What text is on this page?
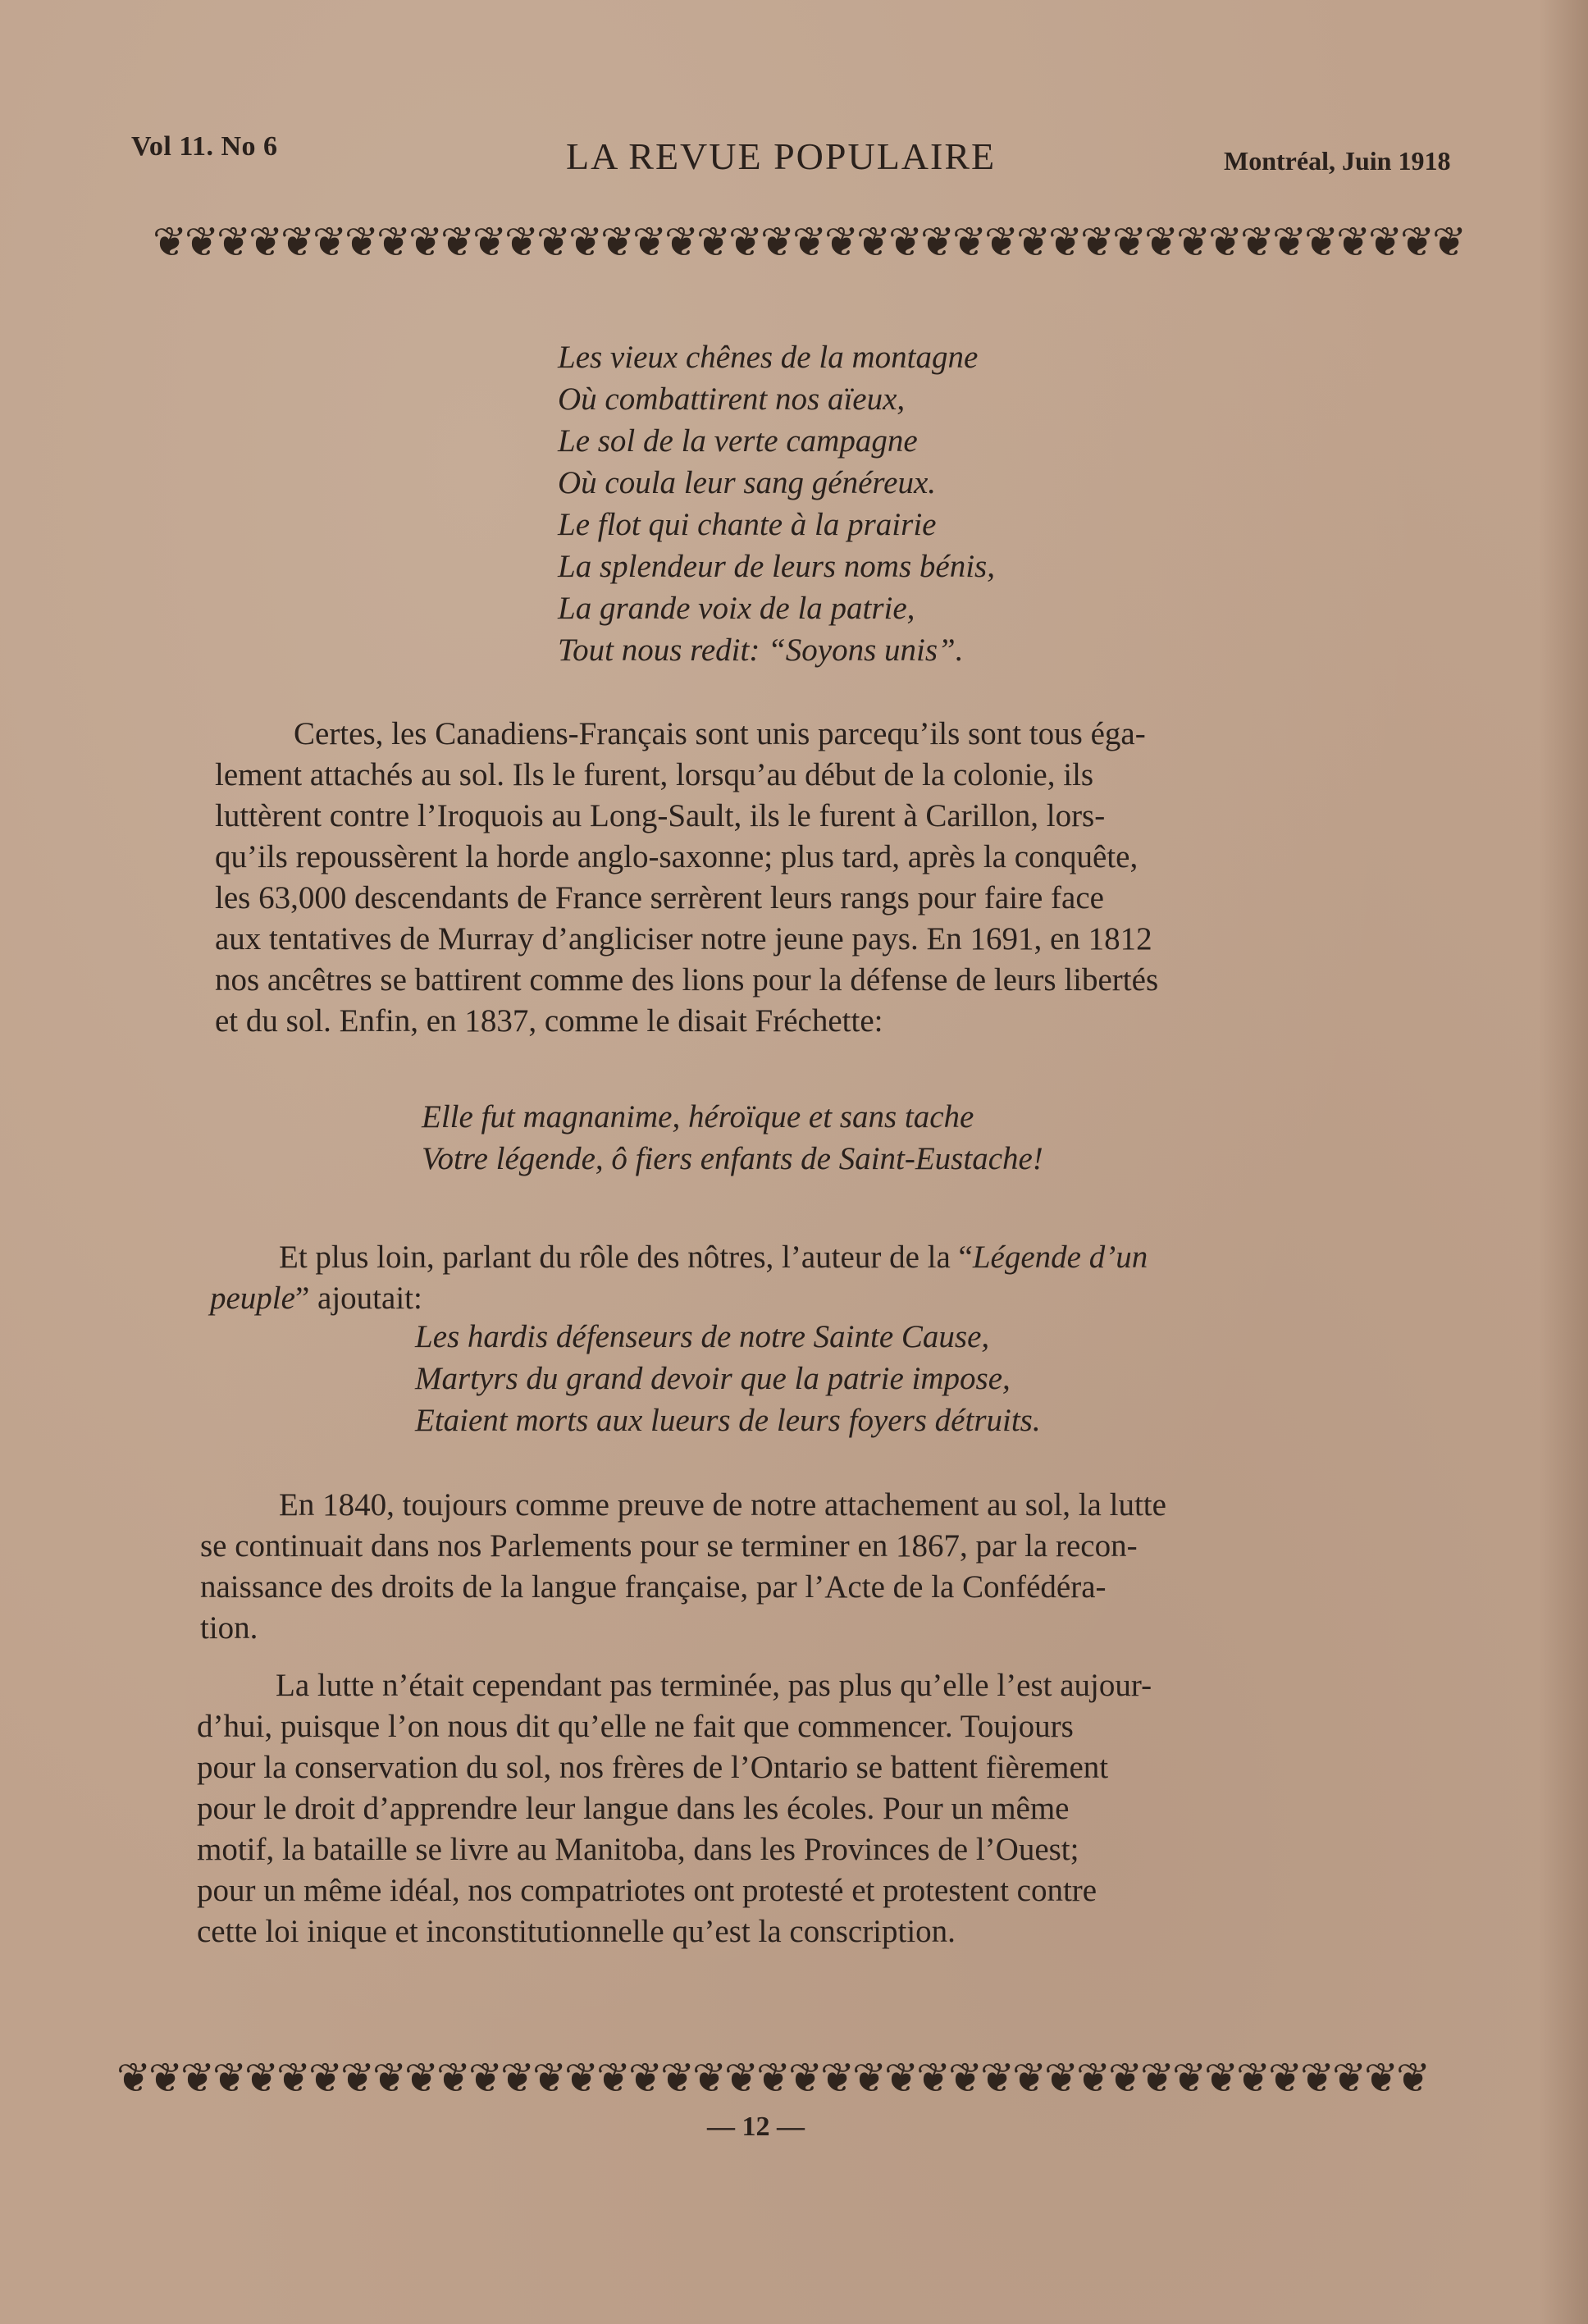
Vol 11. No 6	LA REVUE POPULAIRE	Montréal, Juin 1918
❦
❦
❦
❦
❦
❦
❦
❦
❦
❦
❦
❦
❦
❦
❦
❦
❦
❦
❦
❦
❦
❦
❦
❦
❦
❦
❦
❦
❦
❦
❦
❦
❦
❦
❦
❦
❦
❦
❦
❦
❦
❦
❦
❦
❦
❦
❦
❦
❦
❦
❦
❦
❦
❦
❦
❦
❦
❦
❦
❦
❦
❦
❦
❦
❦
❦
❦
❦
❦
❦
❦
❦
❦
❦
❦
❦
❦
❦
❦
❦
❦
❦
Les vieux chênes de la montagne
Où combattirent nos aïeux,
Le sol de la verte campagne
Où coula leur sang généreux.
Le flot qui chante à la prairie
La splendeur de leurs noms bénis,
La grande voix de la patrie,
Tout nous redit: “Soyons unis”.
Certes, les Canadiens-Français sont unis parcequ’ils sont tous éga-
lement attachés au sol. Ils le furent, lorsqu’au début de la colonie, ils
luttèrent contre l’Iroquois au Long-Sault, ils le furent à Carillon, lors-
qu’ils repoussèrent la horde anglo-saxonne; plus tard, après la conquête,
les 63,000 descendants de France serrèrent leurs rangs pour faire face
aux tentatives de Murray d’angliciser notre jeune pays. En 1691, en 1812
nos ancêtres se battirent comme des lions pour la défense de leurs libertés
et du sol. Enfin, en 1837, comme le disait Fréchette:
Elle fut magnanime, héroïque et sans tache
Votre légende, ô fiers enfants de Saint-Eustache!
Et plus loin, parlant du rôle des nôtres, l’auteur de la “Légende d’un
peuple” ajoutait:
Les hardis défenseurs de notre Sainte Cause,
Martyrs du grand devoir que la patrie impose,
Etaient morts aux lueurs de leurs foyers détruits.
En 1840, toujours comme preuve de notre attachement au sol, la lutte
se continuait dans nos Parlements pour se terminer en 1867, par la recon-
naissance des droits de la langue française, par l’Acte de la Confédéra-
tion.
La lutte n’était cependant pas terminée, pas plus qu’elle l’est aujour-
d’hui, puisque l’on nous dit qu’elle ne fait que commencer. Toujours
pour la conservation du sol, nos frères de l’Ontario se battent fièrement
pour le droit d’apprendre leur langue dans les écoles. Pour un même
motif, la bataille se livre au Manitoba, dans les Provinces de l’Ouest;
pour un même idéal, nos compatriotes ont protesté et protestent contre
cette loi inique et inconstitutionnelle qu’est la conscription.
— 12 —
